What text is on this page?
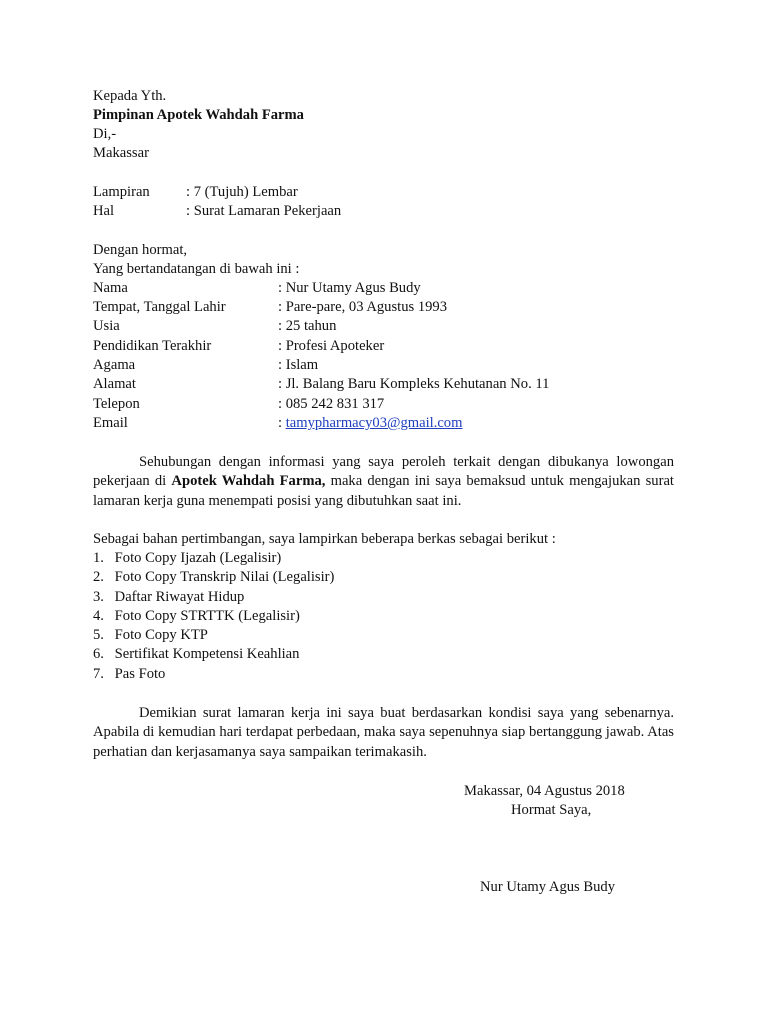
Kepada Yth.
Pimpinan Apotek Wahdah Farma
Di,-
Makassar
Lampiran : 7 (Tujuh) Lembar
Hal	: Surat Lamaran Pekerjaan
Dengan hormat,
Yang bertandatangan di bawah ini :
Nama	: Nur Utamy Agus Budy
Tempat, Tanggal Lahir	: Pare-pare, 03 Agustus 1993
Usia	: 25 tahun
Pendidikan Terakhir	: Profesi Apoteker
Agama	: Islam
Alamat	: Jl. Balang Baru Kompleks Kehutanan No. 11
Telepon	: 085 242 831 317
Email	: tamypharmacy03@gmail.com

Sehubungan dengan informasi yang saya peroleh terkait dengan dibukanya lowongan pekerjaan di Apotek Wahdah Farma, maka dengan ini saya bemaksud untuk mengajukan surat lamaran kerja guna menempati posisi yang dibutuhkan saat ini.

Sebagai bahan pertimbangan, saya lampirkan beberapa berkas sebagai berikut :
1. Foto Copy Ijazah (Legalisir)
2. Foto Copy Transkrip Nilai (Legalisir)
3. Daftar Riwayat Hidup
4. Foto Copy STRTTK (Legalisir)
5. Foto Copy KTP
6. Sertifikat Kompetensi Keahlian
7. Pas Foto

Demikian surat lamaran kerja ini saya buat berdasarkan kondisi saya yang sebenarnya. Apabila di kemudian hari terdapat perbedaan, maka saya sepenuhnya siap bertanggung jawab. Atas perhatian dan kerjasamanya saya sampaikan terimakasih.

Makassar, 04 Agustus 2018
Hormat Saya,
Nur Utamy Agus Budy
